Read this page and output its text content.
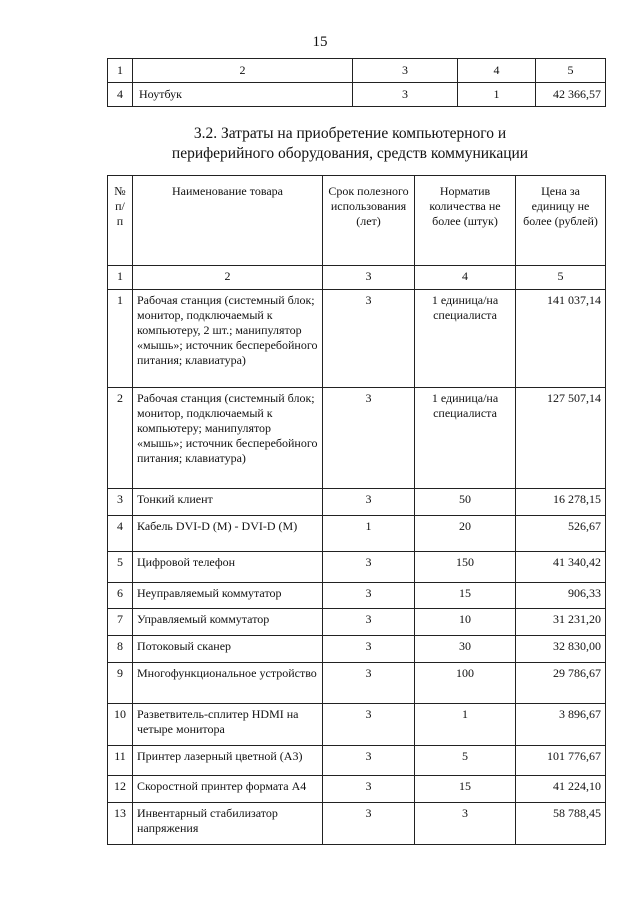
15
1	2	3	4	5
4	Ноутбук	3	1	42 366,57
3.2. Затраты на приобретение компьютерного и
периферийного оборудования, средств коммуникации
№ п/п	Наименование товара	Срок полезного использования (лет)	Норматив количества не более (штук)	Цена за единицу не более (рублей)
1	2	3	4	5
1	Рабочая станция (системный блок; монитор, подключаемый к компьютеру, 2 шт.; манипулятор «мышь»; источник бесперебойного питания; клавиатура)	3	1 единица/на специалиста	141 037,14
2	Рабочая станция (системный блок; монитор, подключаемый к компьютеру; манипулятор «мышь»; источник бесперебойного питания; клавиатура)	3	1 единица/на специалиста	127 507,14
3	Тонкий клиент	3	50	16 278,15
4	Кабель DVI-D (M) - DVI-D (M)	1	20	526,67
5	Цифровой телефон	3	150	41 340,42
6	Неуправляемый коммутатор	3	15	906,33
7	Управляемый коммутатор	3	10	31 231,20
8	Потоковый сканер	3	30	32 830,00
9	Многофункциональное устройство	3	100	29 786,67
10	Разветвитель-сплитер HDMI на четыре монитора	3	1	3 896,67
11	Принтер лазерный цветной (А3)	3	5	101 776,67
12	Скоростной принтер формата А4	3	15	41 224,10
13	Инвентарный стабилизатор напряжения	3	3	58 788,45
